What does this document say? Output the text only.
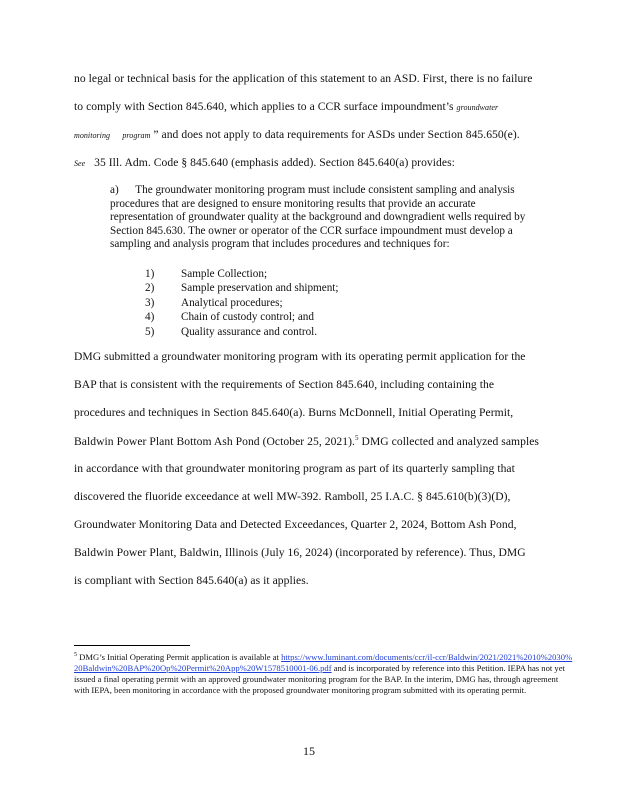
no legal or technical basis for the application of this statement to an ASD. First, there is no failure
to comply with Section 845.640, which applies to a CCR surface impoundment’s groundwater
monitoring      program ” and does not apply to data requirements for ASDs under Section 845.650(e).
See 35 Ill. Adm. Code § 845.640 (emphasis added). Section 845.640(a) provides:

a)      The groundwater monitoring program must include consistent sampling and analysis procedures that are designed to ensure monitoring results that provide an accurate representation of groundwater quality at the background and downgradient wells required by Section 845.630. The owner or operator of the CCR surface impoundment must develop a sampling and analysis program that includes procedures and techniques for:

1)	Sample Collection;
2)	Sample preservation and shipment;
3)	Analytical procedures;
4)	Chain of custody control; and
5)	Quality assurance and control.
DMG submitted a groundwater monitoring program with its operating permit application for the
BAP that is consistent with the requirements of Section 845.640, including containing the
procedures and techniques in Section 845.640(a). Burns McDonnell, Initial Operating Permit,
Baldwin Power Plant Bottom Ash Pond (October 25, 2021).$^5$ DMG collected and analyzed samples
in accordance with that groundwater monitoring program as part of its quarterly sampling that
discovered the fluoride exceedance at well MW-392. Ramboll, 25 I.A.C. § 845.610(b)(3)(D),
Groundwater Monitoring Data and Detected Exceedances, Quarter 2, 2024, Bottom Ash Pond,
Baldwin Power Plant, Baldwin, Illinois (July 16, 2024) (incorporated by reference). Thus, DMG
is compliant with Section 845.640(a) as it applies.
$^5$ DMG’s Initial Operating Permit application is available at https://www.luminant.com/documents/ccr/il-ccr/Baldwin/2021/2021%2010%2030%20Baldwin%20BAP%20Op%20Permit%20App%20W1578510001-06.pdf and is incorporated by reference into this Petition. IEPA has not yet issued a final operating permit with an approved groundwater monitoring program for the BAP. In the interim, DMG has, through agreement with IEPA, been monitoring in accordance with the proposed groundwater monitoring program submitted with its operating permit.
15
